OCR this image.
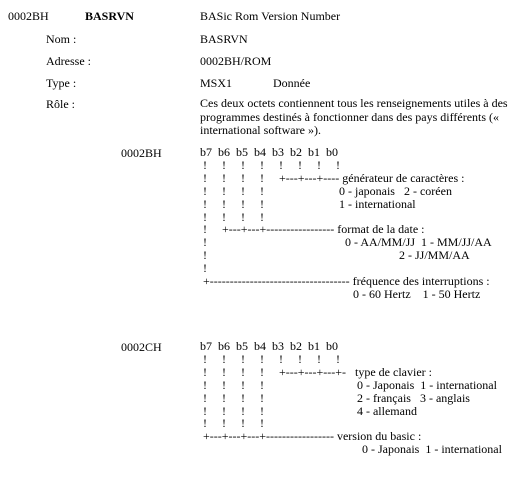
0002BH	BASRVN	BASic Rom Version Number
Nom :	BASRVN
Adresse :	0002BH/ROM
Type :	MSX1	Donnée
Rôle :	Ces deux octets contiennent tous les renseignements utiles à des programmes destinés à fonctionner dans des pays différents (« international software »).
0002BH	b7  b6  b5  b4  b3  b2  b1  b0
!     !     !     !     !     !     !     !
!     !     !     !     +---+---+---- générateur de caractères :
!     !     !     !                         0 - japonais   2 - coréen
!     !     !     !                         1 - international
!     !     !     !
!     +---+---+----------------- format de la date :
!                                              0 - AA/MM/JJ  1 - MM/JJ/AA
!                                                                2 - JJ/MM/AA
!
+----------------------------------- fréquence des interruptions :
0 - 60 Hertz    1 - 50 Hertz
0002CH	b7  b6  b5  b4  b3  b2  b1  b0
!     !     !     !     !     !     !     !
!     !     !     !     +---+---+---+-   type de clavier :
!     !     !     !                               0 - Japonais  1 - international
!     !     !     !                               2 - français   3 - anglais
!     !     !     !                               4 - allemand
!     !     !     !
+---+---+---+----------------- version du basic :
0 - Japonais  1 - international
